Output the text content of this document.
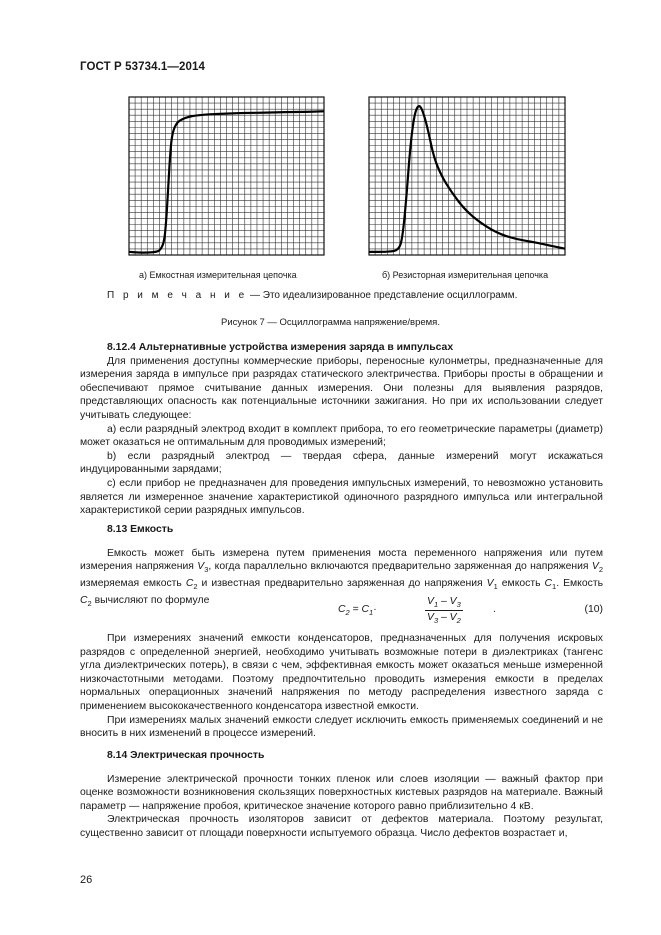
ГОСТ Р 53734.1—2014
а) Емкостная измерительная цепочка	б) Резисторная измерительная цепочка
П р и м е ч а н и е — Это идеализированное представление осциллограмм.
Рисунок 7 — Осциллограмма напряжение/время.
8.12.4 Альтернативные устройства измерения заряда в импульсах

Для применения доступны коммерческие приборы, переносные кулонметры, предназначенные для измерения заряда в импульсе при разрядах статического электричества. Приборы просты в обращении и обеспечивают прямое считывание данных измерения. Они полезны для выявления разрядов, представляющих опасность как потенциальные источники зажигания. Но при их использовании следует учитывать следующее:

а) если разрядный электрод входит в комплект прибора, то его геометрические параметры (диаметр) может оказаться не оптимальным для проводимых измерений;

b) если разрядный электрод — твердая сфера, данные измерений могут искажаться индуцированными зарядами;

с) если прибор не предназначен для проведения импульсных измерений, то невозможно установить является ли измеренное значение характеристикой одиночного разрядного импульса или интегральной характеристикой серии разрядных импульсов.

8.13 Емкость

Емкость может быть измерена путем применения моста переменного напряжения или путем измерения напряжения $V_3$, когда параллельно включаются предварительно заряженная до напряжения $V_2$ измеряемая емкость $C_2$ и известная предварительно заряженная до напряжения $V_1$ емкость $C_1$. Емкость $C_2$ вычисляют по формуле

$C_2 = C_1\cdot$	$\frac{V_1 - V_3}{V_3 - V_2}$	.	(10)

При измерениях значений емкости конденсаторов, предназначенных для получения искровых разрядов с определенной энергией, необходимо учитывать возможные потери в диэлектриках (тангенс угла диэлектрических потерь), в связи с чем, эффективная емкость может оказаться меньше измеренной низкочастотными методами. Поэтому предпочтительно проводить измерения емкости в пределах нормальных операционных значений напряжения по методу распределения известного заряда с применением высококачественного конденсатора известной емкости.

При измерениях малых значений емкости следует исключить емкость применяемых соединений и не вносить в них изменений в процессе измерений.

8.14 Электрическая прочность

Измерение электрической прочности тонких пленок или слоев изоляции — важный фактор при оценке возможности возникновения скользящих поверхностных кистевых разрядов на материале. Важный параметр — напряжение пробоя, критическое значение которого равно приблизительно 4 кВ.

Электрическая прочность изоляторов зависит от дефектов материала. Поэтому результат, существенно зависит от площади поверхности испытуемого образца. Число дефектов возрастает и,

26
